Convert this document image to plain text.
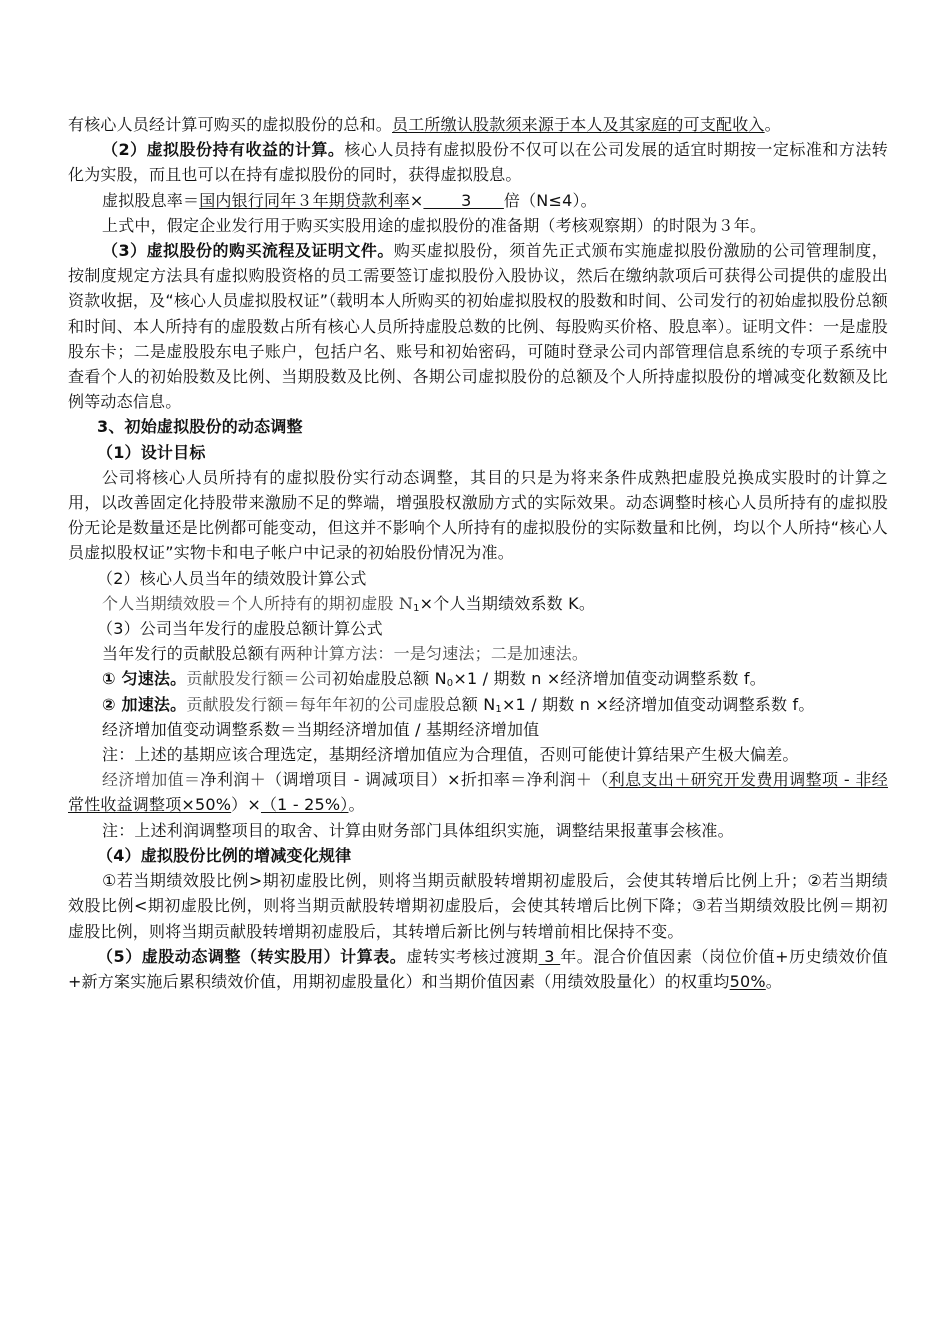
有核心人员经计算可购买的虚拟股份的总和。员工所缴认股款须来源于本人及其家庭的可支配收入。

（2）虚拟股份持有收益的计算。核心人员持有虚拟股份不仅可以在公司发展的适宜时期按一定标准和方法转化为实股，而且也可以在持有虚拟股份的同时，获得虚拟股息。

虚拟股息率＝国内银行同年３年期贷款利率×　　 3　　倍（N≤4）。

上式中，假定企业发行用于购买实股用途的虚拟股份的准备期（考核观察期）的时限为３年。

（3）虚拟股份的购买流程及证明文件。购买虚拟股份，须首先正式颁布实施虚拟股份激励的公司管理制度，按制度规定方法具有虚拟购股资格的员工需要签订虚拟股份入股协议，然后在缴纳款项后可获得公司提供的虚股出资款收据，及“核心人员虚拟股权证”（载明本人所购买的初始虚拟股权的股数和时间、公司发行的初始虚拟股份总额和时间、本人所持有的虚股数占所有核心人员所持虚股总数的比例、每股购买价格、股息率）。证明文件：一是虚股股东卡；二是虚股股东电子账户，包括户名、账号和初始密码，可随时登录公司内部管理信息系统的专项子系统中查看个人的初始股数及比例、当期股数及比例、各期公司虚拟股份的总额及个人所持虚拟股份的增减变化数额及比例等动态信息。

3、初始虚拟股份的动态调整

（1）设计目标

公司将核心人员所持有的虚拟股份实行动态调整，其目的只是为将来条件成熟把虚股兑换成实股时的计算之用，以改善固定化持股带来激励不足的弊端，增强股权激励方式的实际效果。动态调整时核心人员所持有的虚拟股份无论是数量还是比例都可能变动，但这并不影响个人所持有的虚拟股份的实际数量和比例，均以个人所持“核心人员虚拟股权证”实物卡和电子帐户中记录的初始股份情况为准。

（2）核心人员当年的绩效股计算公式

个人当期绩效股＝个人所持有的期初虚股 $N_1\times$个人当期绩效系数 K。

（3）公司当年发行的虚股总额计算公式

当年发行的贡献股总额有两种计算方法：一是匀速法；二是加速法。

① 匀速法。贡献股发行额＝公司初始虚股总额 $N_0\times 1$ / 期数 n ×经济增加值变动调整系数 f。

② 加速法。贡献股发行额＝每年年初的公司虚股总额 $N_1\times 1$ / 期数 n ×经济增加值变动调整系数 f。

经济增加值变动调整系数＝当期经济增加值 / 基期经济增加值

注：上述的基期应该合理选定，基期经济增加值应为合理值，否则可能使计算结果产生极大偏差。

经济增加值＝净利润＋（调增项目 - 调减项目）×折扣率＝净利润＋（利息支出＋研究开发费用调整项 - 非经常性收益调整项×50%）×（1 - 25%）。

注：上述利润调整项目的取舍、计算由财务部门具体组织实施，调整结果报董事会核准。

（4）虚拟股份比例的增减变化规律

①若当期绩效股比例>期初虚股比例，则将当期贡献股转增期初虚股后，会使其转增后比例上升；②若当期绩效股比例<期初虚股比例，则将当期贡献股转增期初虚股后，会使其转增后比例下降；③若当期绩效股比例＝期初虚股比例，则将当期贡献股转增期初虚股后，其转增后新比例与转增前相比保持不变。

（5）虚股动态调整（转实股用）计算表。虚转实考核过渡期 3 年。混合价值因素（岗位价值+历史绩效价值+新方案实施后累积绩效价值，用期初虚股量化）和当期价值因素（用绩效股量化）的权重均50%。
